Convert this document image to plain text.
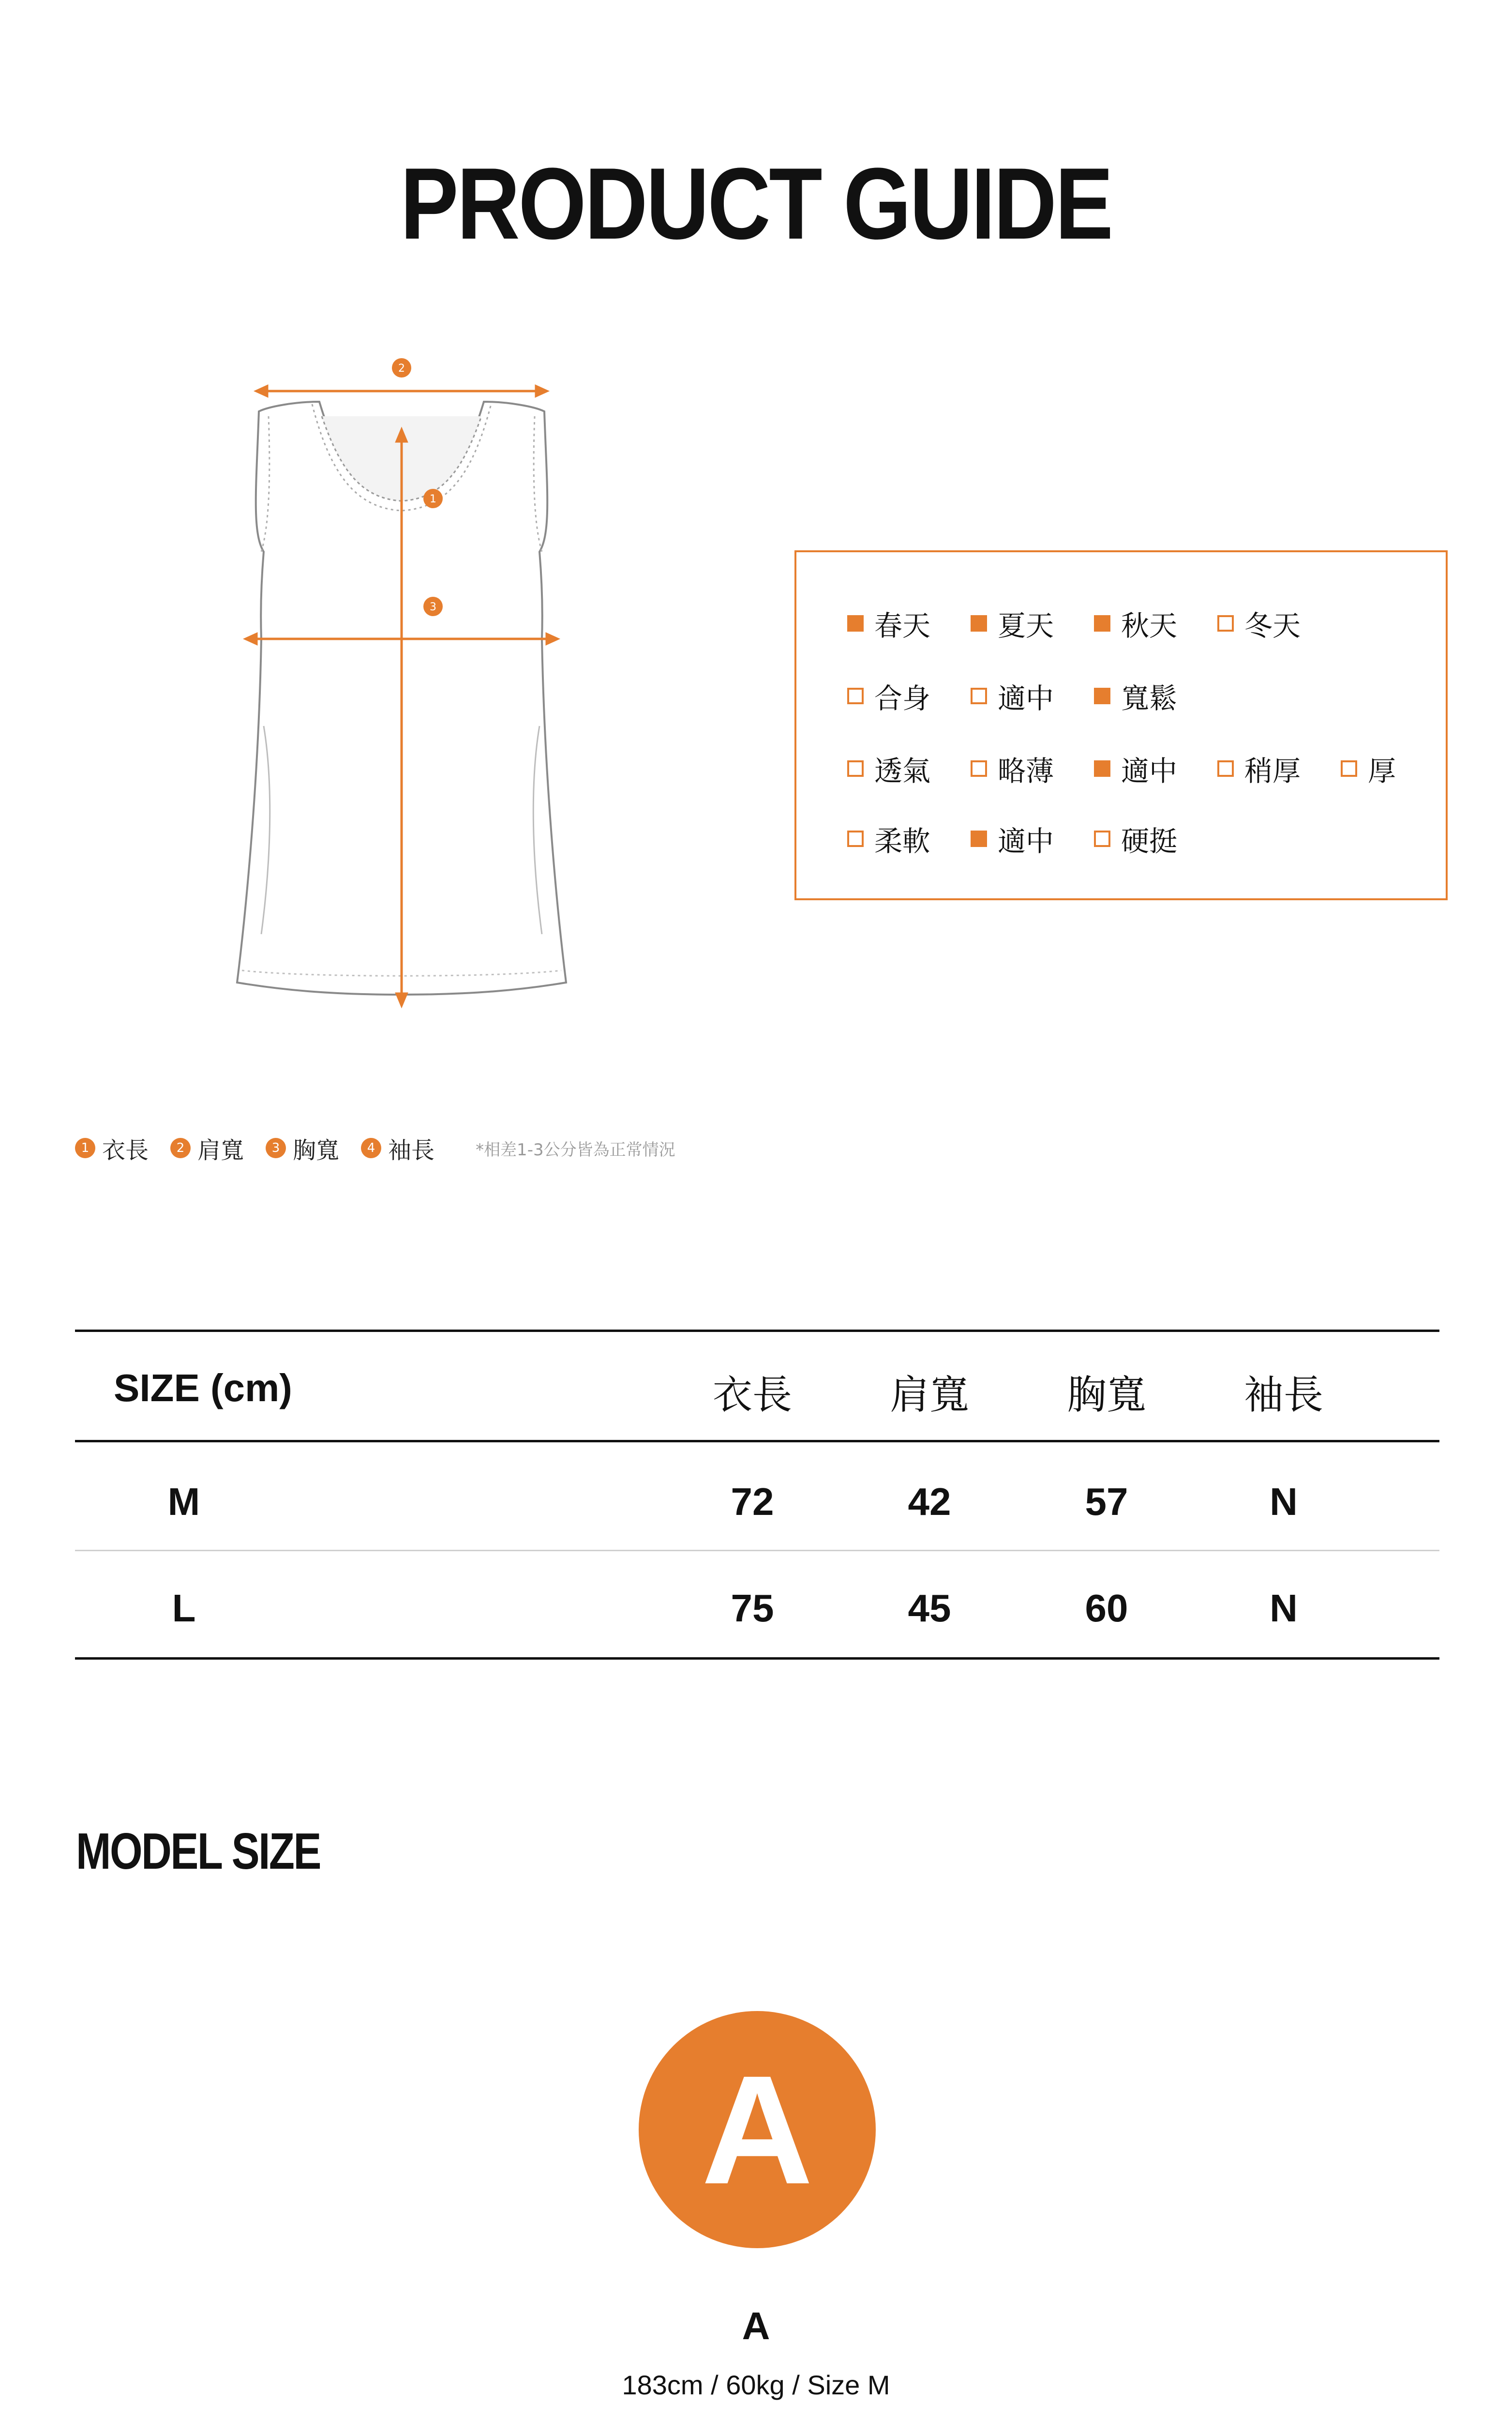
PRODUCT GUIDE
2
1
3
春天 夏天 秋天 冬天
合身 適中 寬鬆
透氣 略薄 適中 稍厚 厚
柔軟 適中 硬挺
1 衣長	2 肩寬	3 胸寬	4 袖長	*相差1-3公分皆為正常情況
SIZE (cm)	衣長	肩寬	胸寬	袖長
M	72	42	57	N
L	75	45	60	N
MODEL SIZE
A
A
183cm / 60kg / Size M
